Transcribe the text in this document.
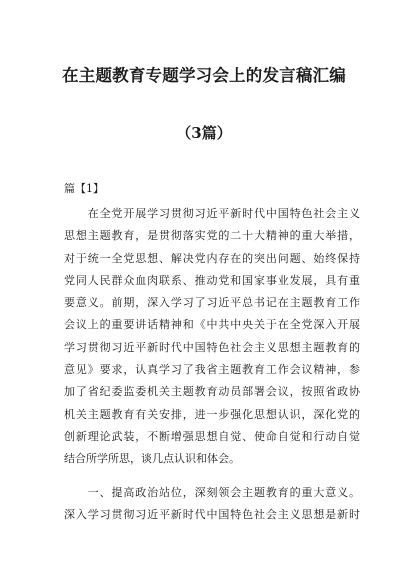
在主题教育专题学习会上的发言稿汇编
（3篇）
篇【1】
　　在全党开展学习贯彻习近平新时代中国特色社会主义
思想主题教育，是贯彻落实党的二十大精神的重大举措，
对于统一全党思想、解决党内存在的突出问题、始终保持
党同人民群众血肉联系、推动党和国家事业发展，具有重
要意义。前期，深入学习了习近平总书记在主题教育工作
会议上的重要讲话精神和《中共中央关于在全党深入开展
学习贯彻习近平新时代中国特色社会主义思想主题教育的
意见》要求，认真学习了我省主题教育工作会议精神，参
加了省纪委监委机关主题教育动员部署会议，按照省政协
机关主题教育有关安排，进一步强化思想认识，深化党的
创新理论武装，不断增强思想自觉、使命自觉和行动自觉
结合所学所思，谈几点认识和体会。
　　一、提高政治站位，深刻领会主题教育的重大意义。
深入学习贯彻习近平新时代中国特色社会主义思想是新时
